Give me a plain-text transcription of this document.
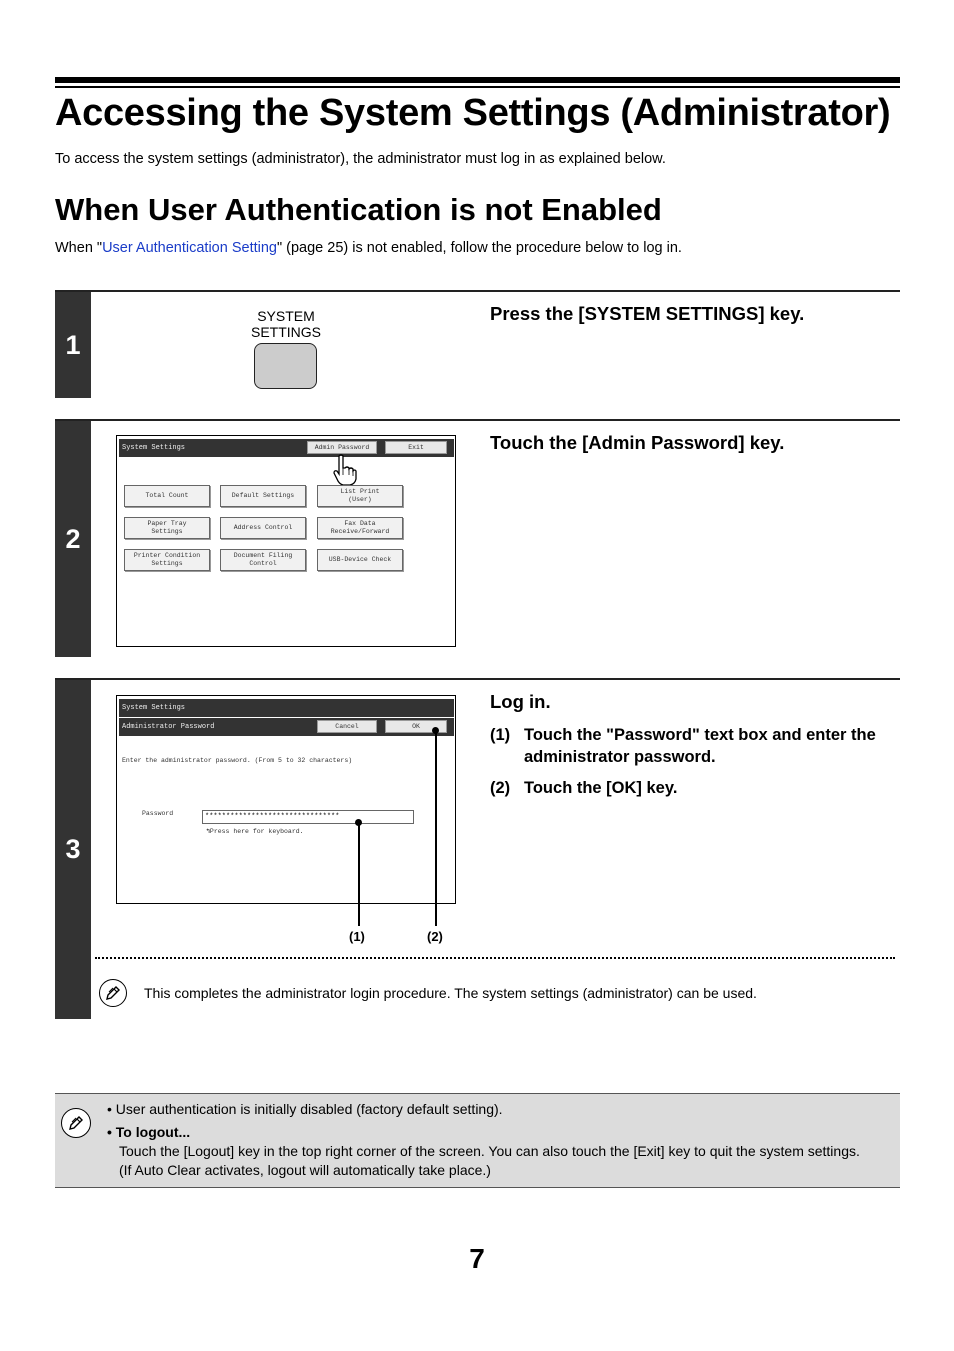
Accessing the System Settings (Administrator)

To access the system settings (administrator), the administrator must log in as explained below.

When User Authentication is not Enabled

When "User Authentication Setting" (page 25) is not enabled, follow the procedure below to log in.

1
SYSTEM
SETTINGS
Press the [SYSTEM SETTINGS] key.
2
System Settings	Admin Password	Exit
Total Count	Default Settings
List Print
(User)
Paper Tray
Settings
Address Control
Fax Data
Receive/Forward
Printer Condition
Settings
Document Filing
Control
USB-Device Check
Touch the [Admin Password] key.
3
System Settings
Administrator Password	Cancel	OK
Enter the administrator password. (From 5 to 32 characters)
Password	********************************
↰Press here for keyboard.
(1)	(2)
Log in.
(1) Touch the "Password" text box and enter the administrator password.
(2) Touch the [OK] key.
This completes the administrator login procedure. The system settings (administrator) can be used.
• User authentication is initially disabled (factory default setting).
• To logout...
Touch the [Logout] key in the top right corner of the screen. You can also touch the [Exit] key to quit the system settings.
(If Auto Clear activates, logout will automatically take place.)
7
